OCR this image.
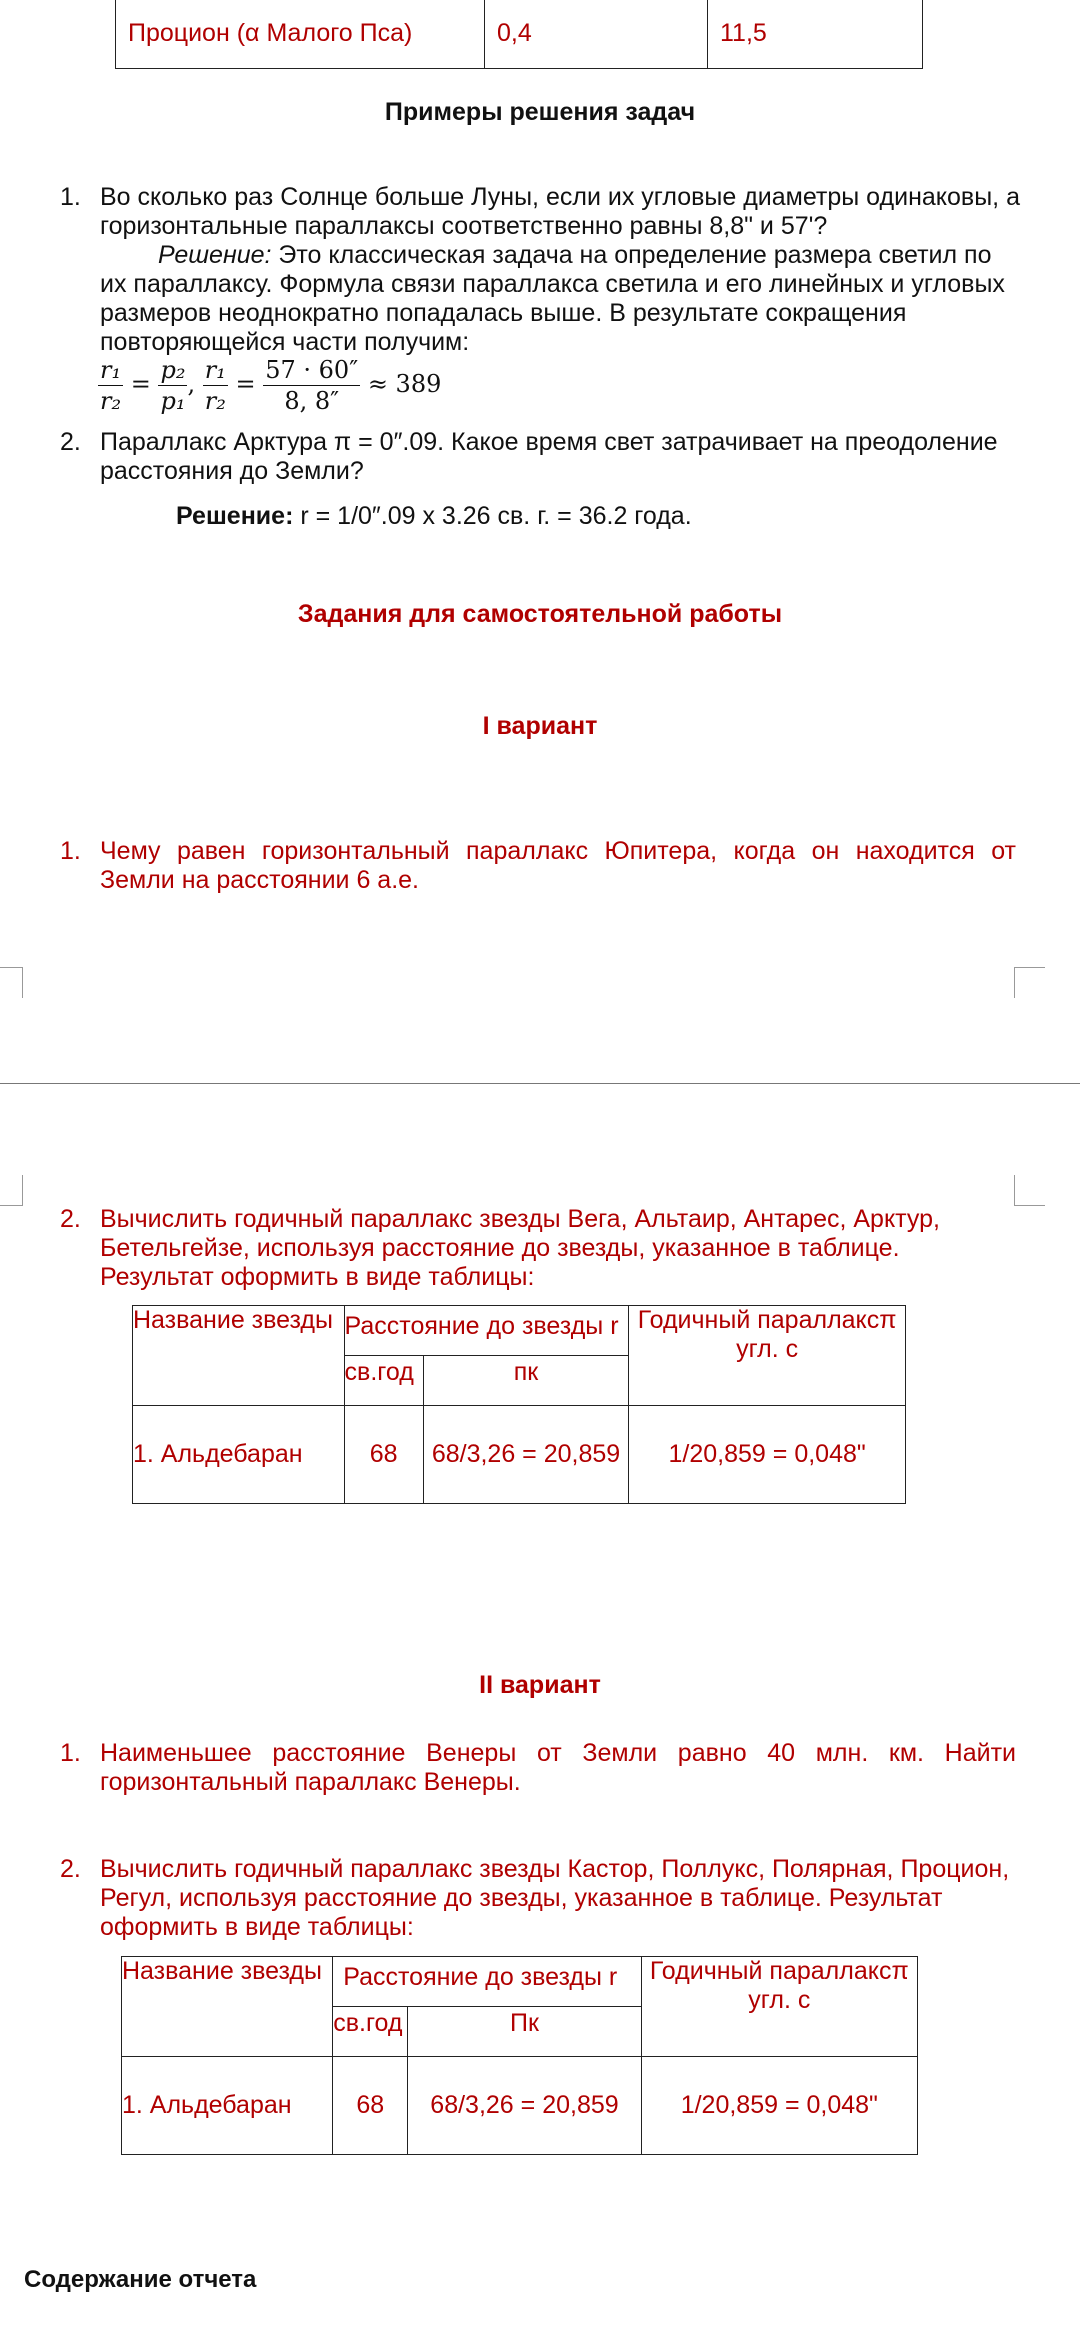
Процион (α Малого Пса)	0,4	11,5
Примеры решения задач
1. Во сколько раз Солнце больше Луны, если их угловые диаметры одинаковы, а горизонтальные параллаксы соответственно равны 8,8" и 57'?
Решение: Это классическая задача на определение размера светил по их параллаксу. Формула связи параллакса светила и его линейных и угловых размеров неоднократно попадалась выше. В результате сокращения повторяющейся части получим:
$\frac{\text{r₁}}{\text{r₂}} = \frac{\text{p₂}}{\text{p₁}}$ , $\frac{\text{r₁}}{\text{r₂}} = \frac{57 \cdot 60''}{8, 8''} \approx 389$
2. Параллакс Арктура π = 0″.09. Какое время свет затрачивает на преодоление расстояния до Земли?
Решение: r = 1/0″.09 x 3.26 св. г. = 36.2 года.
Задания для самостоятельной работы
I вариант
1. Чему равен горизонтальный параллакс Юпитера, когда он находится от Земли на расстоянии 6 а.е.
2. Вычислить годичный параллакс звезды Вега, Альтаир, Антарес, Арктур, Бетельгейзе, используя расстояние до звезды, указанное в таблице. Результат оформить в виде таблицы:
Название звезды	Расстояние до звезды r		Годичный параллаксπ угл. с
	св.год	пк	
1. Альдебаран	68	68/3,26 = 20,859	1/20,859 = 0,048"
II вариант
1. Наименьшее расстояние Венеры от Земли равно 40 млн. км. Найти горизонтальный параллакс Венеры.
2. Вычислить годичный параллакс звезды Кастор, Поллукс, Полярная, Процион, Регул, используя расстояние до звезды, указанное в таблице. Результат оформить в виде таблицы:
Название звезды	Расстояние до звезды r		Годичный параллаксπ угл. с
	св.год	Пк	
1. Альдебаран	68	68/3,26 = 20,859	1/20,859 = 0,048"
Содержание отчета
